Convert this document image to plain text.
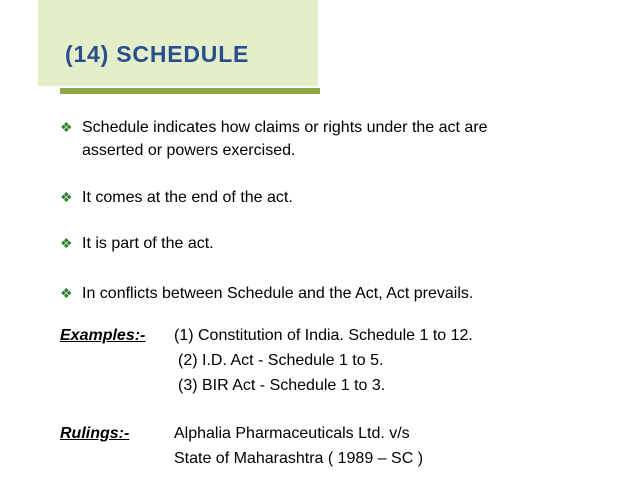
(14) SCHEDULE
❖ Schedule indicates how claims or rights under the act are
asserted or powers exercised.
❖ It comes at the end of the act.
❖ It is part of the act.
❖ In conflicts between Schedule and the Act, Act prevails.
Examples:- (1) Constitution of India. Schedule 1 to 12.
(2) I.D. Act - Schedule 1 to 5.
(3) BIR Act - Schedule 1 to 3.
Rulings:-	Alphalia Pharmaceuticals Ltd. v/s
State of Maharashtra ( 1989 – SC )
